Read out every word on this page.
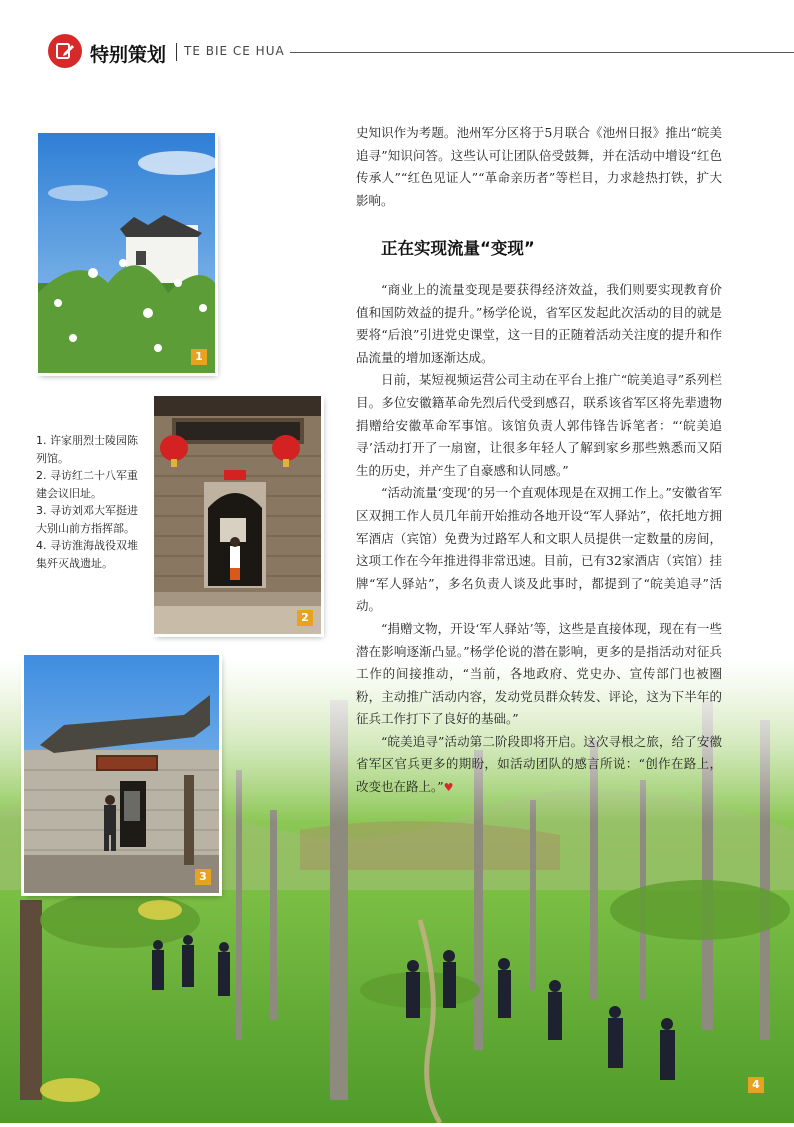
特别策划 TE BIE CE HUA
4
1
2
3
1. 许家朋烈士陵园陈列馆。
2. 寻访红二十八军重建会议旧址。
3. 寻访刘邓大军挺进大别山前方指挥部。
4. 寻访淮海战役双堆集歼灭战遗址。

史知识作为考题。池州军分区将于5月联合《池州日报》推出“皖美追寻”知识问答。这些认可让团队倍受鼓舞，并在活动中增设“红色传承人”“红色见证人”“革命亲历者”等栏目，力求趁热打铁，扩大影响。

正在实现流量“变现”

“商业上的流量变现是要获得经济效益，我们则要实现教育价值和国防效益的提升。”杨学伦说，省军区发起此次活动的目的就是要将“后浪”引进党史课堂，这一目的正随着活动关注度的提升和作品流量的增加逐渐达成。

日前，某短视频运营公司主动在平台上推广“皖美追寻”系列栏目。多位安徽籍革命先烈后代受到感召，联系该省军区将先辈遗物捐赠给安徽革命军事馆。该馆负责人郭伟锋告诉笔者：“‘皖美追寻’活动打开了一扇窗，让很多年轻人了解到家乡那些熟悉而又陌生的历史，并产生了自豪感和认同感。”

“活动流量‘变现’的另一个直观体现是在双拥工作上。”安徽省军区双拥工作人员几年前开始推动各地开设“军人驿站”，依托地方拥军酒店（宾馆）免费为过路军人和文职人员提供一定数量的房间，这项工作在今年推进得非常迅速。目前，已有32家酒店（宾馆）挂牌“军人驿站”，多名负责人谈及此事时，都提到了“皖美追寻”活动。

“捐赠文物，开设‘军人驿站’等，这些是直接体现，现在有一些潜在影响逐渐凸显。”杨学伦说的潜在影响，更多的是指活动对征兵工作的间接推动，“当前，各地政府、党史办、宣传部门也被圈粉，主动推广活动内容，发动党员群众转发、评论，这为下半年的征兵工作打下了良好的基础。”

“皖美追寻”活动第二阶段即将开启。这次寻根之旅，给了安徽省军区官兵更多的期盼，如活动团队的感言所说：“创作在路上，改变也在路上。”♥
